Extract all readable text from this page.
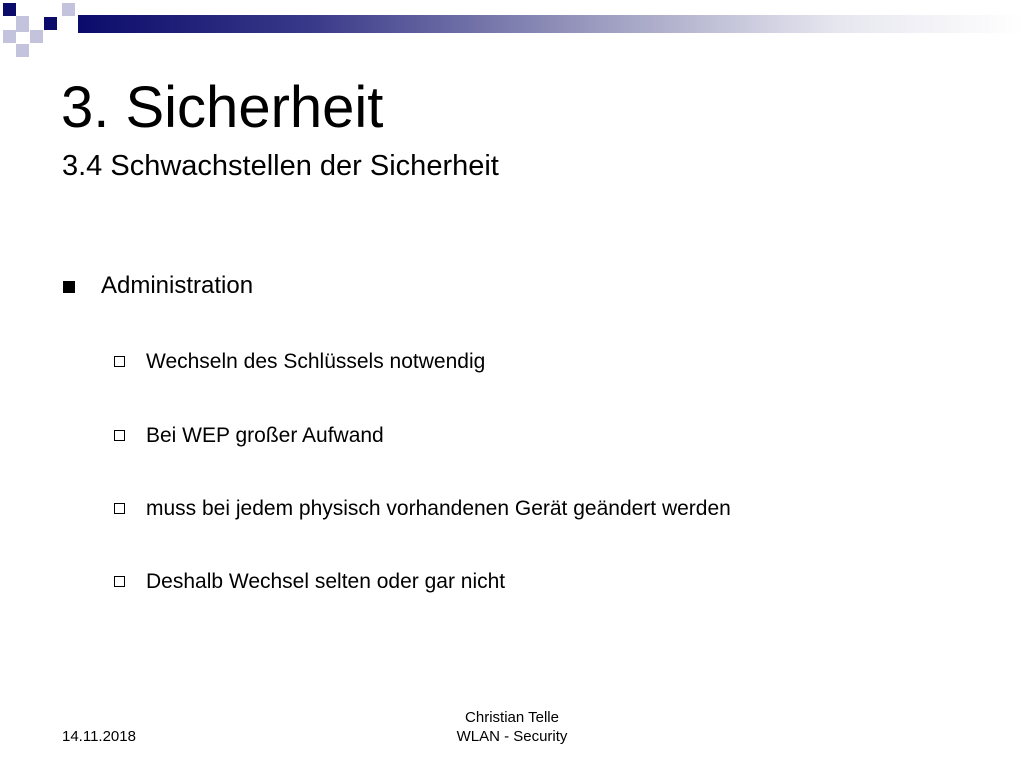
3. Sicherheit
3.4 Schwachstellen der Sicherheit
Administration
Wechseln des Schlüssels notwendig
Bei WEP großer Aufwand
muss bei jedem physisch vorhandenen Gerät geändert werden
Deshalb Wechsel selten oder gar nicht
14.11.2018
Christian Telle
WLAN - Security
